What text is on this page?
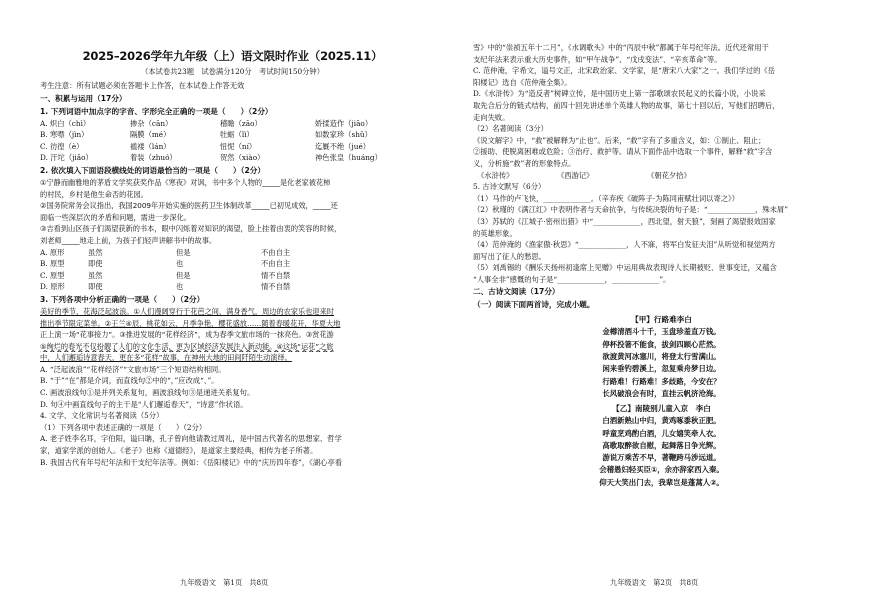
2025–2026学年九年级（上）语文限时作业（2025.11）
（本试卷共23题　试卷满分120分　考试时间150分钟）
考生注意：所有试题必须在答题卡上作答，在本试卷上作答无效
一、积累与运用（17分）
1. 下列词语中加点字的字音、字形完全正确的一项是（　　）（2分）
A. 炽白（chì）	掺杂（cān）	稽瞻（zāo）	娇揉造作（jiāo）
B. 寒噤（jìn）	隔膜（mé）	牡蛎（lì）	如数家珍（shǔ）
C. 彷徨（è）	褴褛（lán）	忸怩（ní）	迄厩不绝（jué）
D. 汗坨（jiǎo）	着装（zhuó）	贺然（xiào）	神色张皇（huáng）
2. 依次填入下面语段横线处的词语最恰当的一项是（　　）（2分）
①宁静而幽雅地的茅盾文学奖获奖作品《寒夜》对讽，书中多个人物的_____是化老家被花柿
的村民，乡村是他生命否的花园。
②国务院常务会议指出，我国2009年开始实施的医药卫生体制改革_____已初见成效，_____还
面临一些深层次的矛盾和问题，需进一步深化。
③吉看到山区孩子们渴望获新的书本，眼中闪烁着对知识的渴望，脸上挂着由衷的笑容的时候，
刘老师_____地走上前，为孩子们轻声讲解书中的故事。
A. 原形	虽然	但是	不由自主
B. 原型	即使	也	不由自主
C. 原型	虽然	但是	情不自禁
D. 原形	即使	也	情不自禁
3. 下列各项中分析正确的一项是（　　）（2分）
美好的季节，花海泛起波浪。①人们漫阔穿行于花芭之间，满身香气，周边的农家乐也迎来时
推出季节限定菜单。②王兰④辰、桃花如云、月季争艳、樱花盛放……随着春暖花开，华夏大地
正上演一场“花事接力”。③推进发展的“花样经济”，成为春季文旅市场的一抹亮色。③赏花游
⑤绚烂的春光不仅扮靓了人们的文化生活，更为区域经济发展注入新动能。④这场“运花”之旅
中，人们邂逅诗意春天，更在多“花样”故事，在神州大地的田间阡陌生动演绎。
A. “泛起波浪”“花样经济”“文旅市场”三个短语结构相同。
B. “于”“在”都是介词，而直线句②中的“，”应改成“、”。
C. 画波浪线句①是并列关系复句，画波浪线句③是递进关系复句。
D. 句④中画直线句子的主干是“人们邂逅春天”，“诗意”作状语。
4. 文学、文化常识与名著阅读（5分）
（1）下列各项中表述正确的一项是（　　）（2分）
A. 老子姓李名耳，字伯阳，谥曰聃，孔子曾向他请教过周礼，是中国古代著名的思想家、哲学
家，道家学派的创始人。《老子》也称《道德经》，是道家主要经典，相传为老子所著。
B. 我国古代有年号纪年法和干支纪年法等。例如：《岳阳楼记》中的“庆历四年春”，《湖心亭看
雪》中的“崇祯五年十二月”，《水调歌头》中的“丙辰中秋”都属于年号纪年法。近代还常用干
支纪年法来表示重大历史事件，如“甲午战争”、“戊戌变法”、“辛亥革命”等。
C. 范仲淹，字希文，谥号文正，北宋政治家、文学家，是“唐宋八大家”之一。我们学过的《岳
阳楼记》选自《范仲淹全集》。
D.《水浒传》为“造反者”树碑立传，是中国历史上第一部歌颂农民起义的长篇小说，小说采
取先合后分的链式结构，前四十回先讲述单个英雄人物的故事，第七十回以后，写他们招聘后，
走向失败。
（2）名著阅读（3分）
《说文解字》中，“救”被解释为“止也”。后来，“救”字有了多重含义，如：①制止、阻止；
②援助、使脱离困难或危险；③治疗、救护等。请从下面作品中选取一个事件，解释“救”字含
义，分析施“救”者的形象特点。
《水浒传》	《西游记》	《朝花夕拾》
5. 古诗文默写（6分）
（1）马作的卢飞快，_____________。（辛弃疾《破阵子·为陈同甫赋壮词以寄之》）
（2）秋瑾的《满江红》中表明作者与天命抗争，与传统决裂的句子是：“_____________，殊未屑”
（3）苏轼的《江城子·密州出猎》中“_____________，西北望，射天狼”，刻画了渴望报效国家
的英雄形象。
（4）范仲淹的《渔家傲·秋思》“_____________，人不寐，将军白发征夫泪”从听觉和视觉两方
面写出了征人的愁思。
（5）刘禹锡的《酬乐天扬州初逢席上见赠》中运用典故表现诗人长期被贬、世事变迁，又蕴含
“人事全非”感慨的句子是“_____________，_____________”。
二、古诗文阅读（17分）
（一）阅读下面两首诗，完成小题。
【甲】行路难李白
金樽清酒斗十千，玉盘珍羞直万钱。
停杯投箸不能食，拔剑四顾心茫然。
欲渡黄河冰塞川，将登太行雪满山。
闲来垂钓碧溪上，忽复乘舟梦日边。
行路难！行路难！多歧路，今安在？
长风破浪会有时，直挂云帆济沧海。
【乙】南陵别儿童入京　李白
白酒新熟山中归，黄鸡啄黍秋正肥。
呼童烹鸡酌白酒，儿女嬉笑牵人衣。
高歌取醉欲自慰，起舞落日争光辉。
游说万乘苦不早，著鞭跨马涉远道。
会稽愚妇轻买臣①，余亦辞家西入秦。
仰天大笑出门去，我辈岂是蓬蒿人②。
九年级语文　第1页　共8页	九年级语文　第2页　共8页
